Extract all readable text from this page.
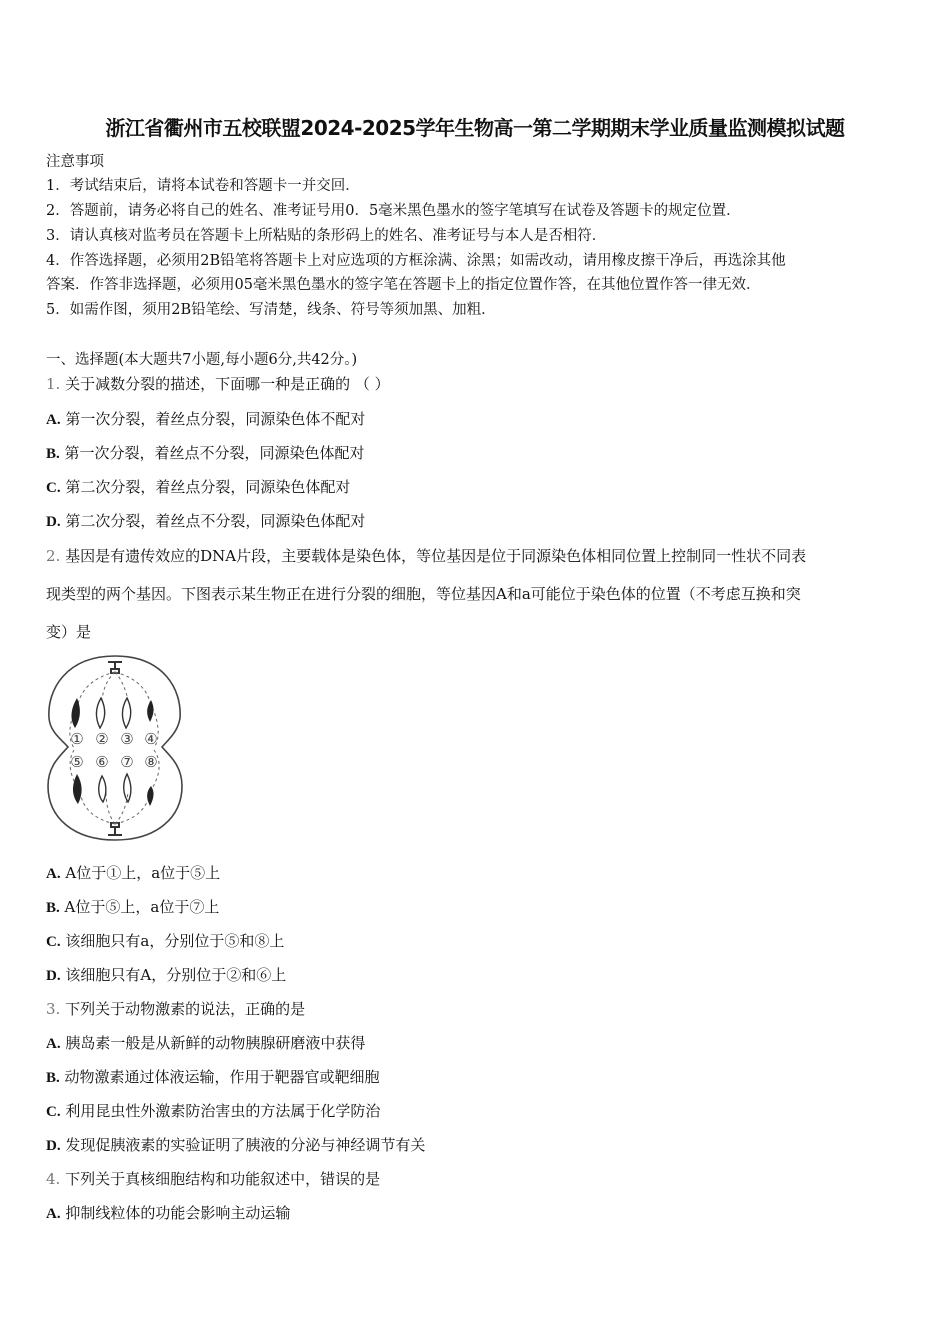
浙江省衢州市五校联盟2024-2025学年生物高一第二学期期末学业质量监测模拟试题
注意事项
1．考试结束后，请将本试卷和答题卡一并交回．
2．答题前，请务必将自己的姓名、准考证号用0．5毫米黑色墨水的签字笔填写在试卷及答题卡的规定位置．
3．请认真核对监考员在答题卡上所粘贴的条形码上的姓名、准考证号与本人是否相符．
4．作答选择题，必须用2B铅笔将答题卡上对应选项的方框涂满、涂黑；如需改动，请用橡皮擦干净后，再选涂其他
答案．作答非选择题，必须用05毫米黑色墨水的签字笔在答题卡上的指定位置作答，在其他位置作答一律无效．
5．如需作图，须用2B铅笔绘、写清楚，线条、符号等须加黑、加粗．
一、选择题(本大题共7小题,每小题6分,共42分。)
1. 关于减数分裂的描述，下面哪一种是正确的 （ ）
A. 第一次分裂，着丝点分裂，同源染色体不配对
B. 第一次分裂，着丝点不分裂，同源染色体配对
C. 第二次分裂，着丝点分裂，同源染色体配对
D. 第二次分裂，着丝点不分裂，同源染色体配对
2. 基因是有遗传效应的DNA片段，主要载体是染色体，等位基因是位于同源染色体相同位置上控制同一性状不同表
现类型的两个基因。下图表示某生物正在进行分裂的细胞，等位基因A和a可能位于染色体的位置（不考虑互换和突
变）是
① ② ③ ④
⑤ ⑥ ⑦ ⑧
A. A位于①上，a位于⑤上
B. A位于⑤上，a位于⑦上
C. 该细胞只有a，分别位于⑤和⑧上
D. 该细胞只有A，分别位于②和⑥上
3. 下列关于动物激素的说法，正确的是
A. 胰岛素一般是从新鲜的动物胰腺研磨液中获得
B. 动物激素通过体液运输，作用于靶器官或靶细胞
C. 利用昆虫性外激素防治害虫的方法属于化学防治
D. 发现促胰液素的实验证明了胰液的分泌与神经调节有关
4. 下列关于真核细胞结构和功能叙述中，错误的是
A. 抑制线粒体的功能会影响主动运输
